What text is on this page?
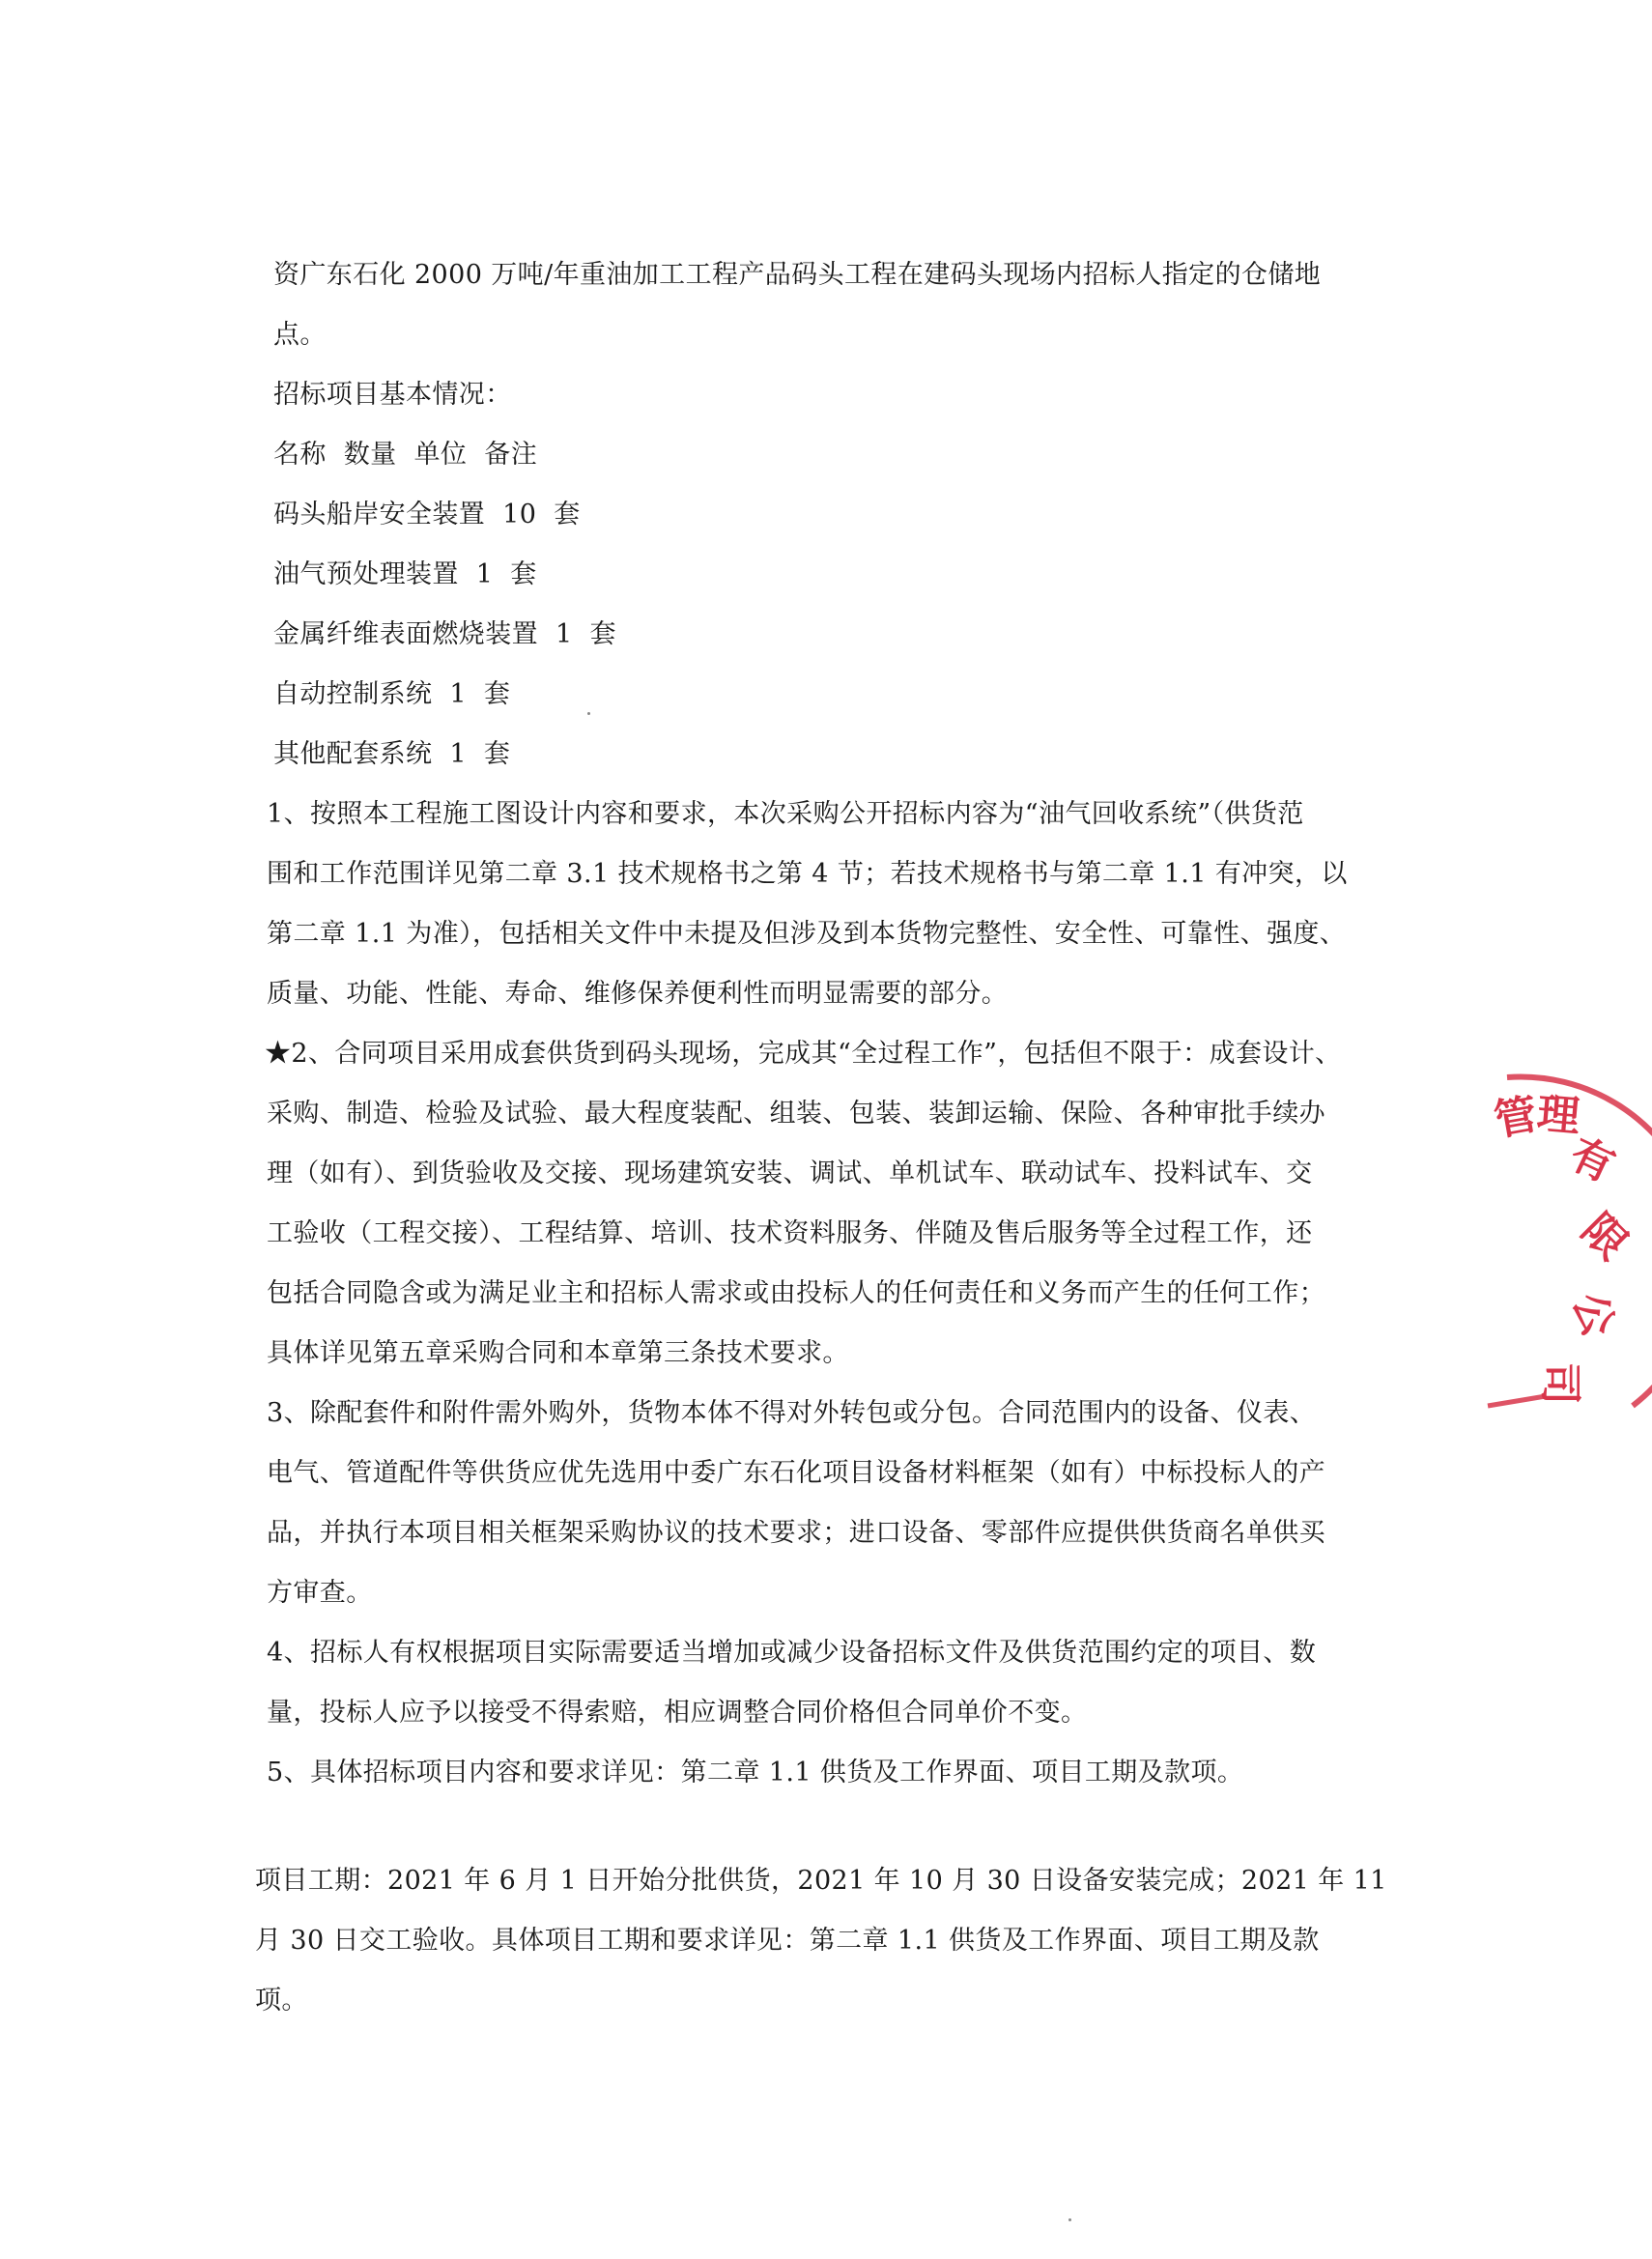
资广东石化 2000 万吨/年重油加工工程产品码头工程在建码头现场内招标人指定的仓储地
点。
招标项目基本情况：
名称  数量  单位  备注
码头船岸安全装置  10  套
油气预处理装置  1  套
金属纤维表面燃烧装置  1  套
自动控制系统  1  套
其他配套系统  1  套
1、按照本工程施工图设计内容和要求，本次采购公开招标内容为“油气回收系统”（供货范
围和工作范围详见第二章 3.1 技术规格书之第 4 节；若技术规格书与第二章 1.1 有冲突，以
第二章 1.1 为准），包括相关文件中未提及但涉及到本货物完整性、安全性、可靠性、强度、
质量、功能、性能、寿命、维修保养便利性而明显需要的部分。
★2、合同项目采用成套供货到码头现场，完成其“全过程工作”，包括但不限于：成套设计、
采购、制造、检验及试验、最大程度装配、组装、包装、装卸运输、保险、各种审批手续办
理（如有）、到货验收及交接、现场建筑安装、调试、单机试车、联动试车、投料试车、交
工验收（工程交接）、工程结算、培训、技术资料服务、伴随及售后服务等全过程工作，还
包括合同隐含或为满足业主和招标人需求或由投标人的任何责任和义务而产生的任何工作；
具体详见第五章采购合同和本章第三条技术要求。
3、除配套件和附件需外购外，货物本体不得对外转包或分包。合同范围内的设备、仪表、
电气、管道配件等供货应优先选用中委广东石化项目设备材料框架（如有）中标投标人的产
品，并执行本项目相关框架采购协议的技术要求；进口设备、零部件应提供供货商名单供买
方审查。
4、招标人有权根据项目实际需要适当增加或减少设备招标文件及供货范围约定的项目、数
量，投标人应予以接受不得索赔，相应调整合同价格但合同单价不变。
5、具体招标项目内容和要求详见：第二章 1.1 供货及工作界面、项目工期及款项。
项目工期：2021 年 6 月 1 日开始分批供货，2021 年 10 月 30 日设备安装完成；2021 年 11
月 30 日交工验收。具体项目工期和要求详见：第二章 1.1 供货及工作界面、项目工期及款
项。
管
理
有
限
公
司
